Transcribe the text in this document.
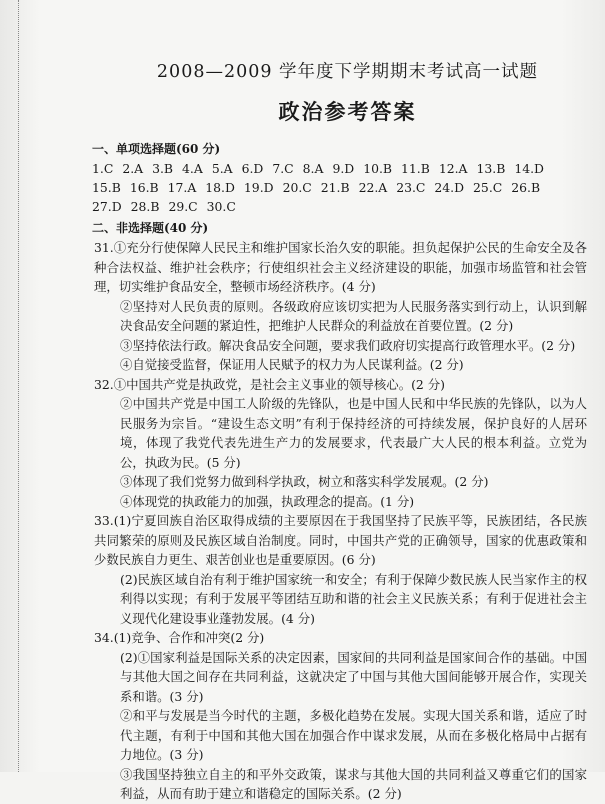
2008—2009 学年度下学期期末考试高一试题
政治参考答案
一、单项选择题(60 分)
1.C 2.A 3.B 4.A 5.A 6.D 7.C 8.A 9.D 10.B 11.B 12.A 13.B 14.D
15.B 16.B 17.A 18.D 19.D 20.C 21.B 22.A 23.C 24.D 25.C 26.B
27.D 28.B 29.C 30.C
二、非选择题(40 分)

31.①充分行使保障人民民主和维护国家长治久安的职能。担负起保护公民的生命安全及各种合法权益、维护社会秩序；行使组织社会主义经济建设的职能，加强市场监管和社会管理，切实维护食品安全，整顿市场经济秩序。(4 分)

②坚持对人民负责的原则。各级政府应该切实把为人民服务落实到行动上，认识到解决食品安全问题的紧迫性，把维护人民群众的利益放在首要位置。(2 分)

③坚持依法行政。解决食品安全问题，要求我们政府切实提高行政管理水平。(2 分)

④自觉接受监督，保证用人民赋予的权力为人民谋利益。(2 分)

32.①中国共产党是执政党，是社会主义事业的领导核心。(2 分)

②中国共产党是中国工人阶级的先锋队，也是中国人民和中华民族的先锋队，以为人民服务为宗旨。“建设生态文明”有利于保持经济的可持续发展，保护良好的人居环境，体现了我党代表先进生产力的发展要求，代表最广大人民的根本利益。立党为公，执政为民。(5 分)

③体现了我们党努力做到科学执政，树立和落实科学发展观。(2 分)

④体现党的执政能力的加强，执政理念的提高。(1 分)

33.(1)宁夏回族自治区取得成绩的主要原因在于我国坚持了民族平等，民族团结，各民族共同繁荣的原则及民族区域自治制度。同时，中国共产党的正确领导，国家的优惠政策和少数民族自力更生、艰苦创业也是重要原因。(6 分)

(2)民族区域自治有利于维护国家统一和安全；有利于保障少数民族人民当家作主的权利得以实现；有利于发展平等团结互助和谐的社会主义民族关系；有利于促进社会主义现代化建设事业蓬勃发展。(4 分)

34.(1)竞争、合作和冲突(2 分)

(2)①国家利益是国际关系的决定因素，国家间的共同利益是国家间合作的基础。中国与其他大国之间存在共同利益，这就决定了中国与其他大国间能够开展合作，实现关系和谐。(3 分)

②和平与发展是当今时代的主题，多极化趋势在发展。实现大国关系和谐，适应了时代主题，有利于中国和其他大国在加强合作中谋求发展，从而在多极化格局中占据有力地位。(3 分)

③我国坚持独立自主的和平外交政策，谋求与其他大国的共同利益又尊重它们的国家利益，从而有助于建立和谐稳定的国际关系。(2 分)
